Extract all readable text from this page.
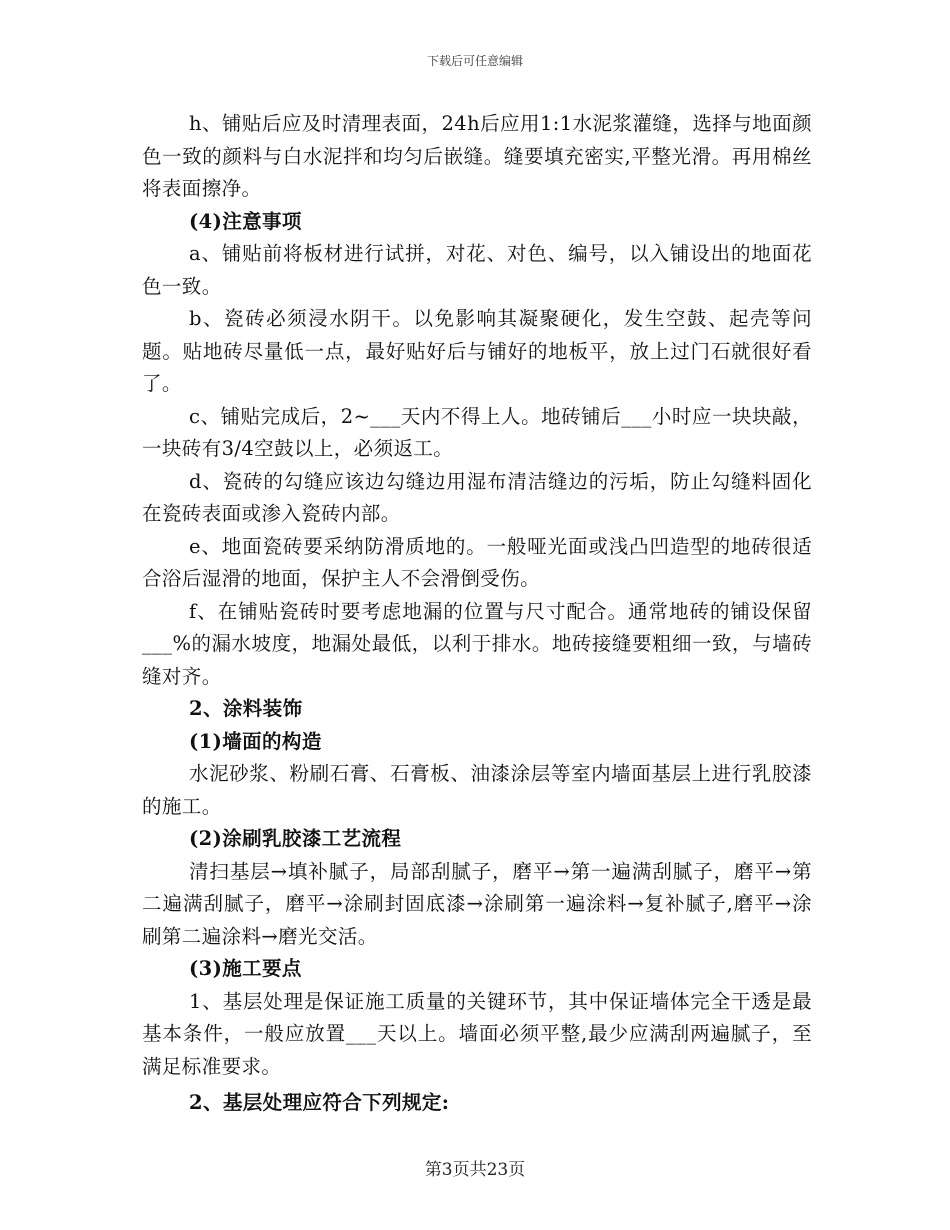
下载后可任意编辑

h、铺贴后应及时清理表面，24h后应用1:1水泥浆灌缝，选择与地面颜色一致的颜料与白水泥拌和均匀后嵌缝。缝要填充密实,平整光滑。再用棉丝将表面擦净。

(4)注意事项

a、铺贴前将板材进行试拼，对花、对色、编号，以入铺设出的地面花色一致。

b、瓷砖必须浸水阴干。以免影响其凝聚硬化，发生空鼓、起壳等问题。贴地砖尽量低一点，最好贴好后与铺好的地板平，放上过门石就很好看了。

c、铺贴完成后，2~___天内不得上人。地砖铺后___小时应一块块敲，一块砖有3/4空鼓以上，必须返工。

d、瓷砖的勾缝应该边勾缝边用湿布清洁缝边的污垢，防止勾缝料固化在瓷砖表面或渗入瓷砖内部。

e、地面瓷砖要采纳防滑质地的。一般哑光面或浅凸凹造型的地砖很适合浴后湿滑的地面，保护主人不会滑倒受伤。

f、在铺贴瓷砖时要考虑地漏的位置与尺寸配合。通常地砖的铺设保留___%的漏水坡度，地漏处最低，以利于排水。地砖接缝要粗细一致，与墙砖缝对齐。

2、涂料装饰

(1)墙面的构造

水泥砂浆、粉刷石膏、石膏板、油漆涂层等室内墙面基层上进行乳胶漆的施工。

(2)涂刷乳胶漆工艺流程

清扫基层→填补腻子，局部刮腻子，磨平→第一遍满刮腻子，磨平→第二遍满刮腻子，磨平→涂刷封固底漆→涂刷第一遍涂料→复补腻子,磨平→涂刷第二遍涂料→磨光交活。

(3)施工要点

1、基层处理是保证施工质量的关键环节，其中保证墙体完全干透是最基本条件，一般应放置___天以上。墙面必须平整,最少应满刮两遍腻子，至满足标准要求。

2、基层处理应符合下列规定:

第3页共23页
